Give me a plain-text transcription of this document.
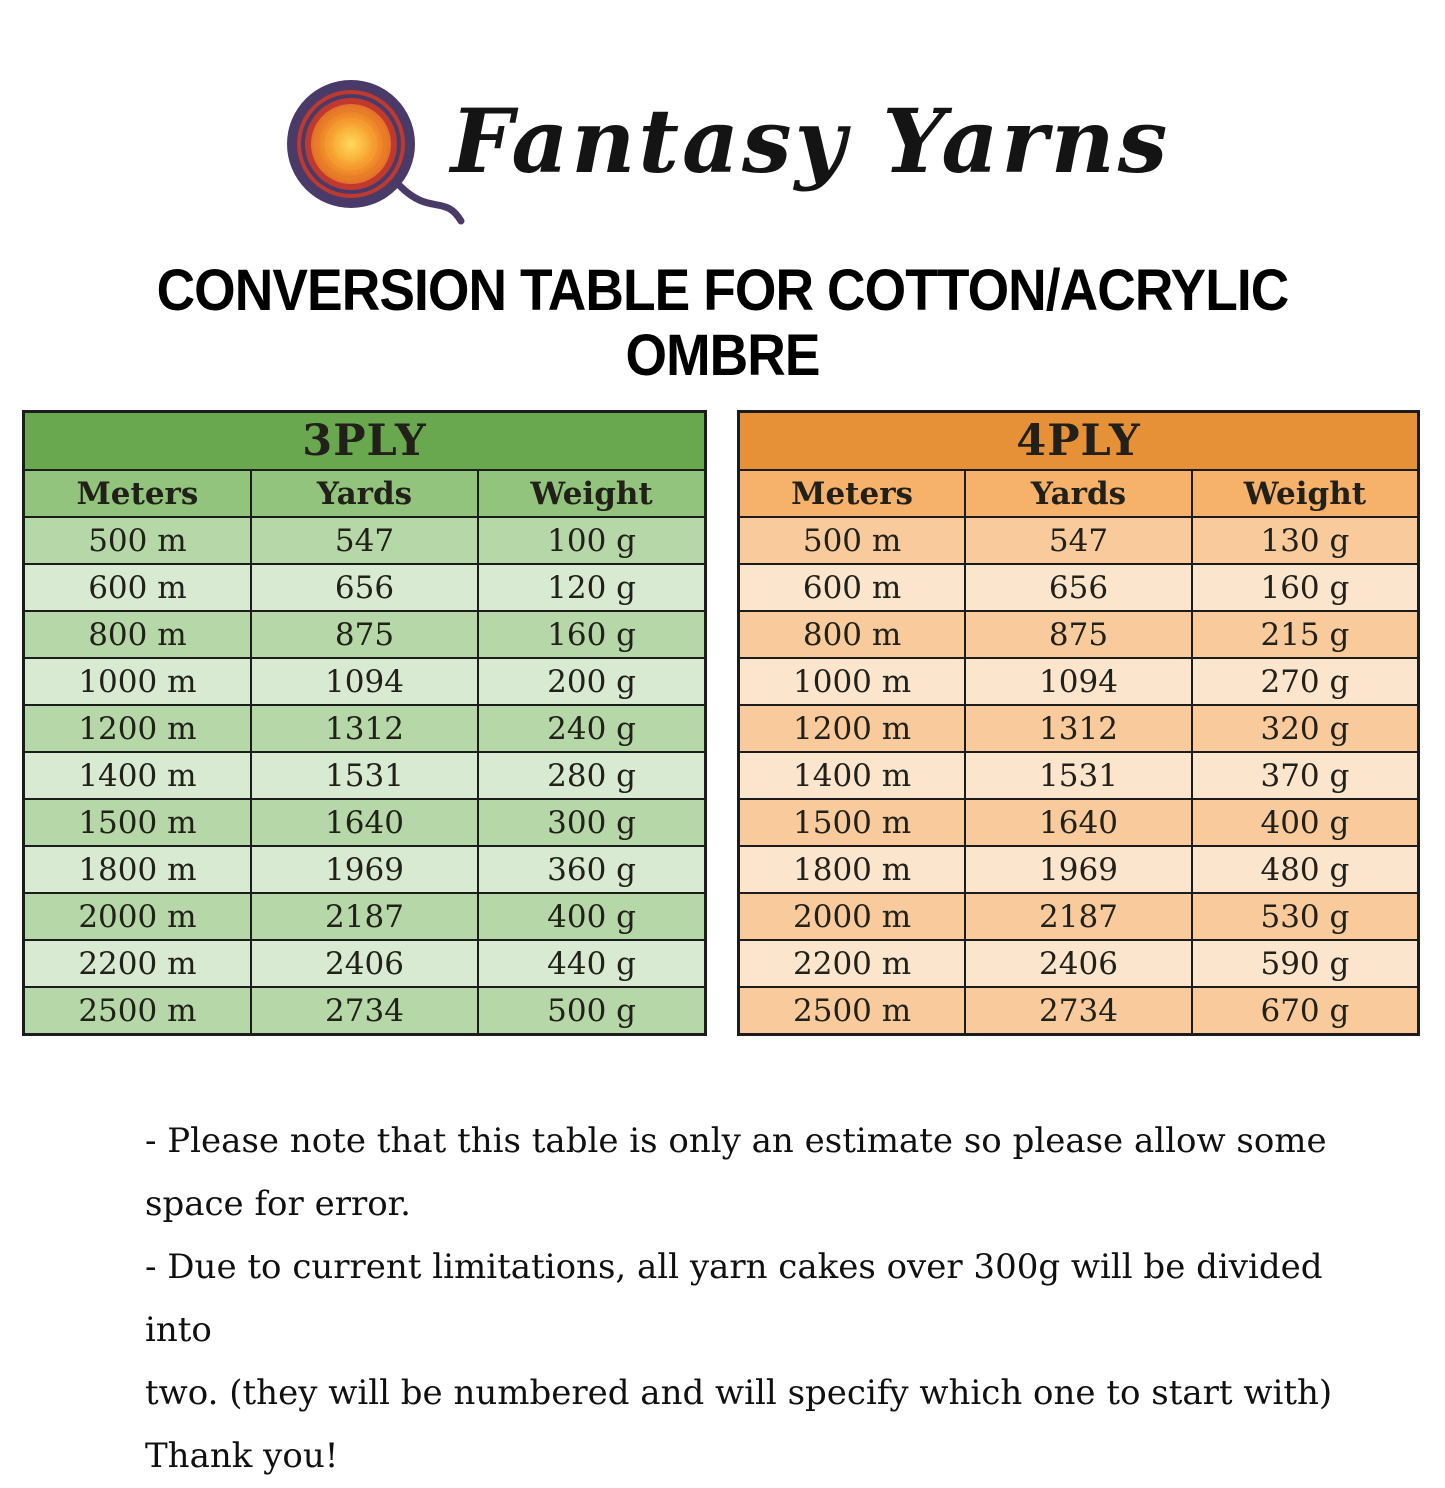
Fantasy Yarns
CONVERSION TABLE FOR COTTON/ACRYLIC
OMBRE
3PLY		
Meters	Yards	Weight
500 m	547	100 g
600 m	656	120 g
800 m	875	160 g
1000 m	1094	200 g
1200 m	1312	240 g
1400 m	1531	280 g
1500 m	1640	300 g
1800 m	1969	360 g
2000 m	2187	400 g
2200 m	2406	440 g
2500 m	2734	500 g
4PLY		
Meters	Yards	Weight
500 m	547	130 g
600 m	656	160 g
800 m	875	215 g
1000 m	1094	270 g
1200 m	1312	320 g
1400 m	1531	370 g
1500 m	1640	400 g
1800 m	1969	480 g
2000 m	2187	530 g
2200 m	2406	590 g
2500 m	2734	670 g
- Please note that this table is only an estimate so please allow some
space for error.
- Due to current limitations, all yarn cakes over 300g will be divided into
two. (they will be numbered and will specify which one to start with)
Thank you!
